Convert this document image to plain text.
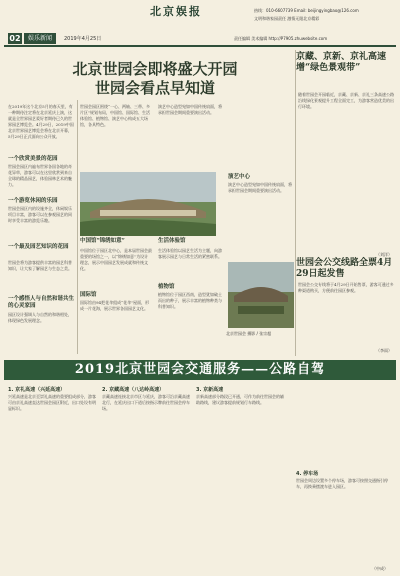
北京娱报	热线：010-6607739 Email: beijingyingbao@126.com
文明和谐家园责任 激情无限北京精彩
02	娱乐新闻	2019年4月25日	责任编辑 美术编辑 http://P7905.zhuwebsite.com
北京世园会即将盛大开园
世园会看点早知道
在2019年这个北京5月的春天里，有一种期待注定将在北京延庆上演，这就是全世界园艺爱好者期待已久的世界园艺博览会。4月29日，2019中国北京世界园艺博览会将在北京开幕，5月29日正式面向公众开放。
一个欣赏美景的花园
世园会园区内遍布世界各国各地的奇花异草，游客可以在这里欣赏到来自全球的精品园艺，体验园林艺术的魅力。
一个游览休闲的乐园
世园会园区内的设施齐全，休闲娱乐项目丰富，游客可以在参观园艺的同时享受丰富的游览乐趣。
一个最及园艺知识的花园
世园会将为游客提供丰富的园艺科普知识，让大家了解园艺与生态之美。
一个感悟人与自然和谐共生的心灵家园
园区设计强调人与自然的和谐相处，体现绿色发展理念。
世园会园区围绕“一心、两轴、三带、多片区”规划布局，中国馆、国际馆、生活体验馆、植物馆、演艺中心构成五大场馆，各具特色。
中国馆“锦绣如意”
中国馆位于园区北中心，是本届世园会最重要的场馆之一，以“锦绣如意”为设计理念，展示中国园艺发展成就和传统文化。
国际馆
国际馆由94把花伞组成“花伞”屋面，形成一片花海，展示世界各国园艺文化。
演艺中心造型宛如中国传统扇面，将承担世园会期间重要演出活动。
生活体验馆
生活体验馆以园艺生活为主题，向游客展示园艺与日常生活的紧密联系。
植物馆
植物馆位于园区西南，造型犹如破土而出的种子，展示丰富的植物种类与科普知识。
演艺中心
演艺中心造型宛如中国传统扇面，将承担世园会期间重要演出活动。
北京世园会 摄影 / 张宗超
京藏、京新、京礼高速增“绿色景观带”
随着世园会开园临近，京藏、京新、京礼三条高速公路沿线绿化景观提升工程全面完工，为游客营造优美的出行环境。
（刘洋）
世园会公交线路全票4月29日起发售
世园会公交专线将于4月29日开始售票，游客可通过多种渠道购买，方便前往园区参观。
（李雨）
2019北京世园会交通服务——公路自驾
1. 京礼高速（兴延高速）
兴延高速是北京至崇礼高速的重要组成部分，游客可由京礼高速直达世园会园区附近，出口处设有明显标识。
2. 京藏高速（八达岭高速）
京藏高速连接北京市区与延庆，游客可沿京藏高速北行，在延庆出口下道后按指示牌前往世园会停车场。
3. 京新高速
京新高速部分路段已开通，可作为前往世园会的辅助路线，建议游客提前规划行车路线。
4. 停车场
世园会周边设置多个停车场，游客可按照交通指引停车，再换乘摆渡车进入园区。
（中成）
